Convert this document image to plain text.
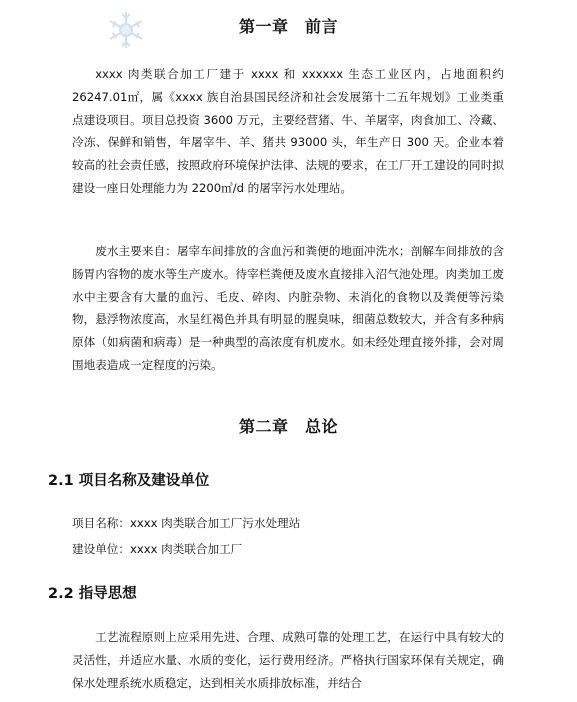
第一章　前言

xxxx 肉类联合加工厂建于 xxxx 和 xxxxxx 生态工业区内，占地面积约 26247.01㎡，属《xxxx 族自治县国民经济和社会发展第十二五年规划》工业类重点建设项目。项目总投资 3600 万元，主要经营猪、牛、羊屠宰，肉食加工、冷藏、冷冻、保鲜和销售，年屠宰牛、羊、猪共 93000 头，年生产日 300 天。企业本着较高的社会责任感，按照政府环境保护法律、法规的要求，在工厂开工建设的同时拟建设一座日处理能力为 2200㎥/d 的屠宰污水处理站。

废水主要来自：屠宰车间排放的含血污和粪便的地面冲洗水；剖解车间排放的含肠胃内容物的废水等生产废水。待宰栏粪便及废水直接排入沼气池处理。肉类加工废水中主要含有大量的血污、毛皮、碎肉、内脏杂物、未消化的食物以及粪便等污染物，悬浮物浓度高，水呈红褐色并具有明显的腥臭味，细菌总数较大，并含有多种病原体（如病菌和病毒）是一种典型的高浓度有机废水。如未经处理直接外排，会对周围地表造成一定程度的污染。

第二章　总论
2.1 项目名称及建设单位

项目名称：xxxx 肉类联合加工厂污水处理站

建设单位：xxxx 肉类联合加工厂

2.2 指导思想

工艺流程原则上应采用先进、合理、成熟可靠的处理工艺，在运行中具有较大的灵活性，并适应水量、水质的变化，运行费用经济。严格执行国家环保有关规定，确保水处理系统水质稳定，达到相关水质排放标准，并结合
